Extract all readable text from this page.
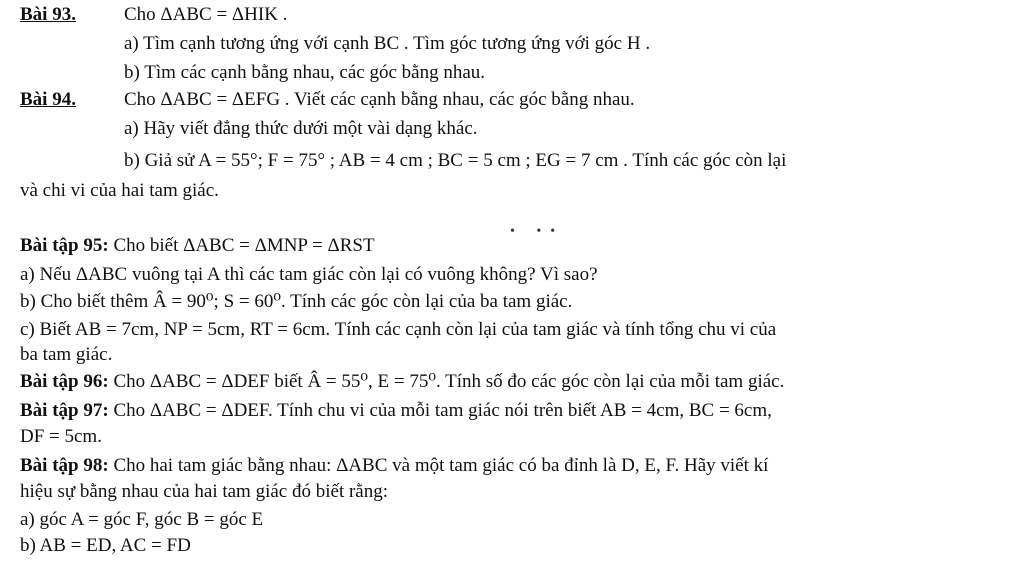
Bài 93.	Cho ΔABC = ΔHIK .
a) Tìm cạnh tương ứng với cạnh BC . Tìm góc tương ứng với góc H .
b) Tìm các cạnh bằng nhau, các góc bằng nhau.
Bài 94.	Cho ΔABC = ΔEFG . Viết các cạnh bằng nhau, các góc bằng nhau.
a) Hãy viết đẳng thức dưới một vài dạng khác.
b) Giả sử A = 55°; F = 75° ; AB = 4 cm ; BC = 5 cm ; EG = 7 cm . Tính các góc còn lại
và chi vi của hai tam giác.
• ••
Bài tập 95: Cho biết ΔABC = ΔMNP = ΔRST
a) Nếu ΔABC vuông tại A thì các tam giác còn lại có vuông không? Vì sao?
b) Cho biết thêm Â = 90⁰; S = 60⁰. Tính các góc còn lại của ba tam giác.
c) Biết AB = 7cm, NP = 5cm, RT = 6cm. Tính các cạnh còn lại của tam giác và tính tổng chu vi của
ba tam giác.
Bài tập 96: Cho ΔABC = ΔDEF biết Â = 55⁰, E = 75⁰. Tính số đo các góc còn lại của mỗi tam giác.
Bài tập 97: Cho ΔABC = ΔDEF. Tính chu vi của mỗi tam giác nói trên biết AB = 4cm, BC = 6cm,
DF = 5cm.
Bài tập 98: Cho hai tam giác bằng nhau: ΔABC và một tam giác có ba đỉnh là D, E, F. Hãy viết kí
hiệu sự bằng nhau của hai tam giác đó biết rằng:
a) góc A = góc F, góc B = góc E
b) AB = ED, AC = FD
